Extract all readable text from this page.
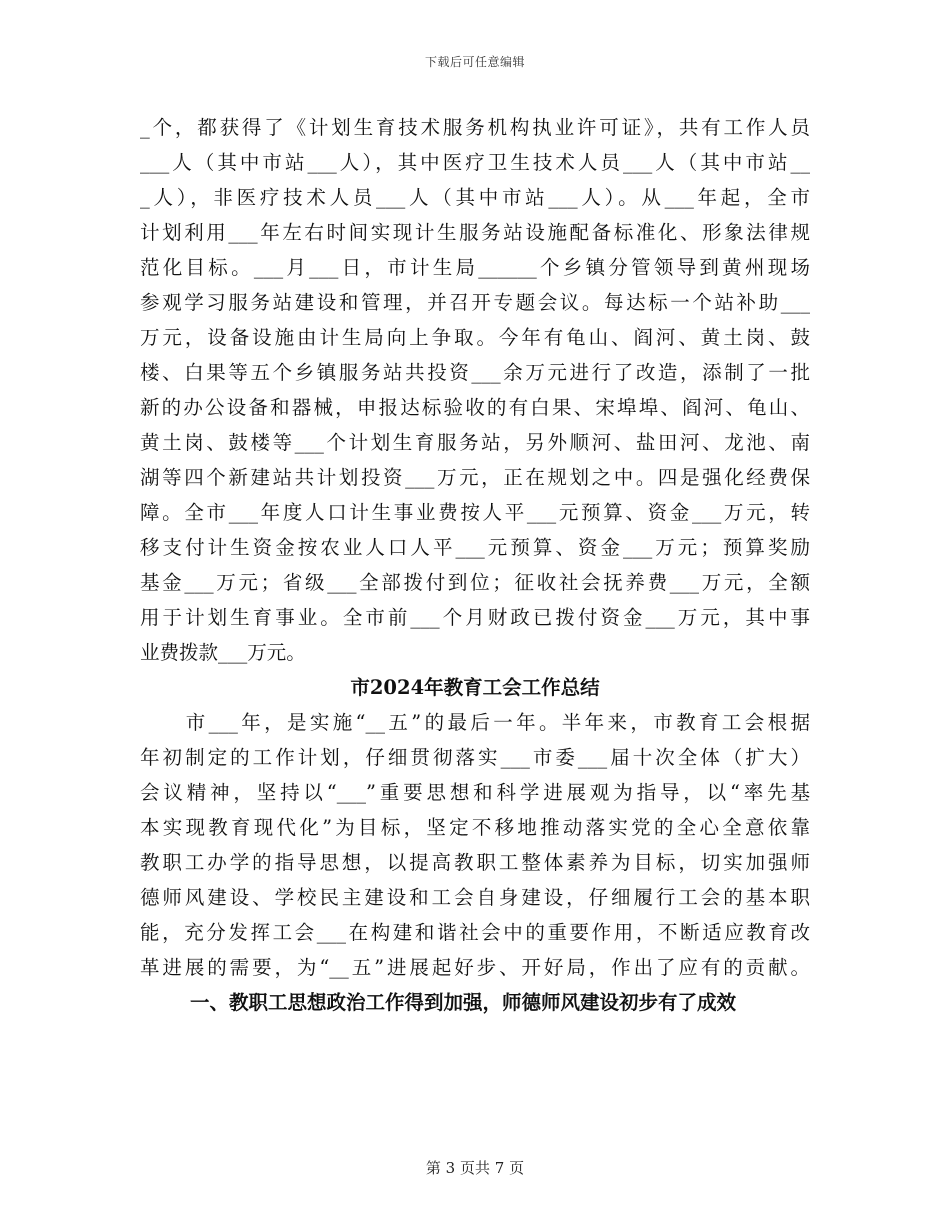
下载后可任意编辑
_个，都获得了《计划生育技术服务机构执业许可证》，共有工作人员
___人（其中市站___人），其中医疗卫生技术人员___人（其中市站__
_人），非医疗技术人员___人（其中市站___人）。从___年起，全市
计划利用___年左右时间实现计生服务站设施配备标准化、形象法律规
范化目标。___月___日，市计生局______个乡镇分管领导到黄州现场
参观学习服务站建设和管理，并召开专题会议。每达标一个站补助___
万元，设备设施由计生局向上争取。今年有龟山、阎河、黄土岗、鼓
楼、白果等五个乡镇服务站共投资___余万元进行了改造，添制了一批
新的办公设备和器械，申报达标验收的有白果、宋埠埠、阎河、龟山、
黄土岗、鼓楼等___个计划生育服务站，另外顺河、盐田河、龙池、南
湖等四个新建站共计划投资___万元，正在规划之中。四是强化经费保
障。全市___年度人口计生事业费按人平___元预算、资金___万元，转
移支付计生资金按农业人口人平___元预算、资金___万元；预算奖励
基金___万元；省级___全部拨付到位；征收社会抚养费___万元，全额
用于计划生育事业。全市前___个月财政已拨付资金___万元，其中事
业费拨款___万元。
市2024年教育工会工作总结
　　市___年，是实施“__五”的最后一年。半年来，市教育工会根据
年初制定的工作计划，仔细贯彻落实___市委___届十次全体（扩大）
会议精神，坚持以“___”重要思想和科学进展观为指导，以“率先基
本实现教育现代化”为目标，坚定不移地推动落实党的全心全意依靠
教职工办学的指导思想，以提高教职工整体素养为目标，切实加强师
德师风建设、学校民主建设和工会自身建设，仔细履行工会的基本职
能，充分发挥工会___在构建和谐社会中的重要作用，不断适应教育改
革进展的需要，为“__五”进展起好步、开好局，作出了应有的贡献。
一、教职工思想政治工作得到加强，师德师风建设初步有了成效
第 3 页共 7 页
